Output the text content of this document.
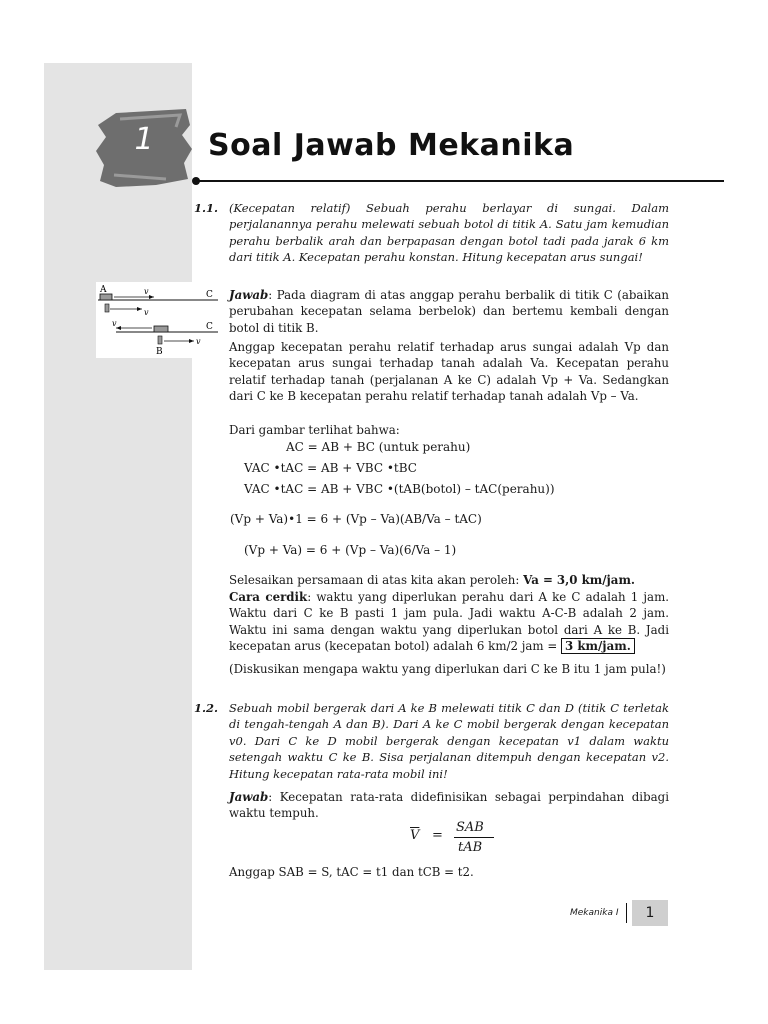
1	Soal Jawab Mekanika
1.1. (Kecepatan relatif) Sebuah perahu berlayar di sungai. Dalam perjalanannya perahu melewati sebuah botol di titik A. Satu jam kemudian perahu berbalik arah dan berpapasan dengan botol tadi pada jarak 6 km dari titik A. Kecepatan perahu konstan. Hitung kecepatan arus sungai!
A	C
C
B
v
v
v
v
Jawab: Pada diagram di atas anggap perahu berbalik di titik C (abaikan perubahan kecepatan selama berbelok) dan bertemu kembali dengan botol di titik B.
Anggap kecepatan perahu relatif terhadap arus sungai adalah Vp dan kecepatan arus sungai terhadap tanah adalah Va. Kecepatan perahu relatif terhadap tanah (perjalanan A ke C) adalah Vp + Va. Sedangkan dari C ke B kecepatan perahu relatif terhadap tanah adalah Vp – Va.
Dari gambar terlihat bahwa:
AC = AB + BC (untuk perahu)
VAC •tAC = AB + VBC •tBC
VAC •tAC = AB + VBC •(tAB(botol) – tAC(perahu))
(Vp + Va)•1 = 6 + (Vp – Va)(AB/Va – tAC)
(Vp + Va) = 6 + (Vp – Va)(6/Va – 1)
Selesaikan persamaan di atas kita akan peroleh: Va = 3,0 km/jam.
Cara cerdik: waktu yang diperlukan perahu dari A ke C adalah 1 jam. Waktu dari C ke B pasti 1 jam pula. Jadi waktu A-C-B adalah 2 jam. Waktu ini sama dengan waktu yang diperlukan botol dari A ke B. Jadi kecepatan arus (kecepatan botol) adalah 6 km/2 jam = 3 km/jam.
(Diskusikan mengapa waktu yang diperlukan dari C ke B itu 1 jam pula!)
1.2. Sebuah mobil bergerak dari A ke B melewati titik C dan D (titik C terletak di tengah-tengah A dan B). Dari A ke C mobil bergerak dengan kecepatan v0. Dari C ke D mobil bergerak dengan kecepatan v1 dalam waktu setengah waktu C ke B. Sisa perjalanan ditempuh dengan kecepatan v2. Hitung kecepatan rata-rata mobil ini!
Jawab: Kecepatan rata-rata didefinisikan sebagai perpindahan dibagi waktu tempuh.
$\overline{V}$ =
SAB
tAB
Anggap SAB = S, tAC = t1 dan tCB = t2.
Mekanika I	1
